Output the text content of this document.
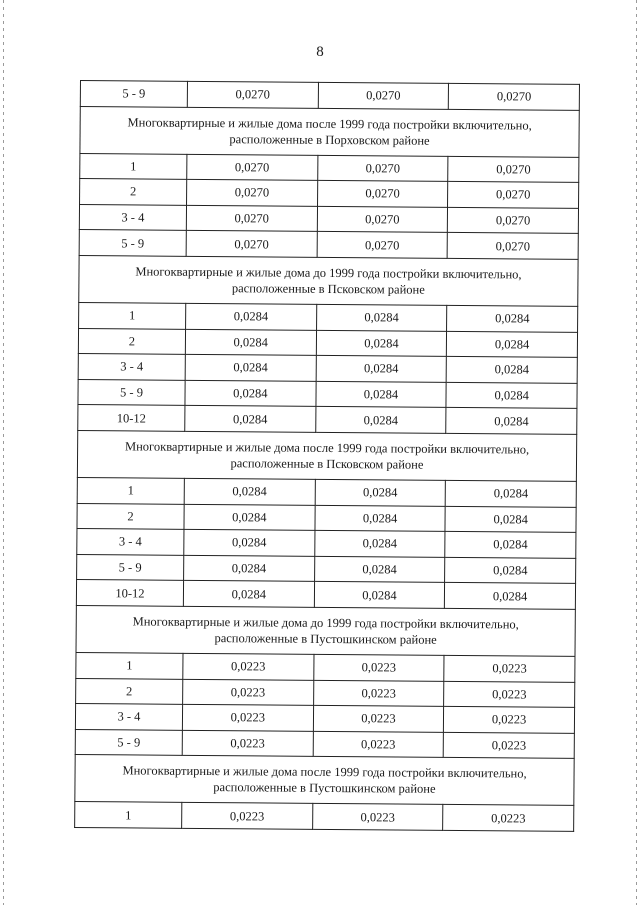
8
5 - 9	0,0270	0,0270	0,0270

Многоквартирные и жилые дома после 1999 года постройки включительно,
расположенные в Порховском районе			

1	0,0270	0,0270	0,0270
2	0,0270	0,0270	0,0270
3 - 4	0,0270	0,0270	0,0270
5 - 9	0,0270	0,0270	0,0270

Многоквартирные и жилые дома до 1999 года постройки включительно,
расположенные в Псковском районе			

1	0,0284	0,0284	0,0284
2	0,0284	0,0284	0,0284
3 - 4	0,0284	0,0284	0,0284
5 - 9	0,0284	0,0284	0,0284
10-12	0,0284	0,0284	0,0284

Многоквартирные и жилые дома после 1999 года постройки включительно,
расположенные в Псковском районе			

1	0,0284	0,0284	0,0284
2	0,0284	0,0284	0,0284
3 - 4	0,0284	0,0284	0,0284
5 - 9	0,0284	0,0284	0,0284
10-12	0,0284	0,0284	0,0284

Многоквартирные и жилые дома до 1999 года постройки включительно,
расположенные в Пустошкинском районе			

1	0,0223	0,0223	0,0223
2	0,0223	0,0223	0,0223
3 - 4	0,0223	0,0223	0,0223
5 - 9	0,0223	0,0223	0,0223

Многоквартирные и жилые дома после 1999 года постройки включительно,
расположенные в Пустошкинском районе			

1	0,0223	0,0223	0,0223
